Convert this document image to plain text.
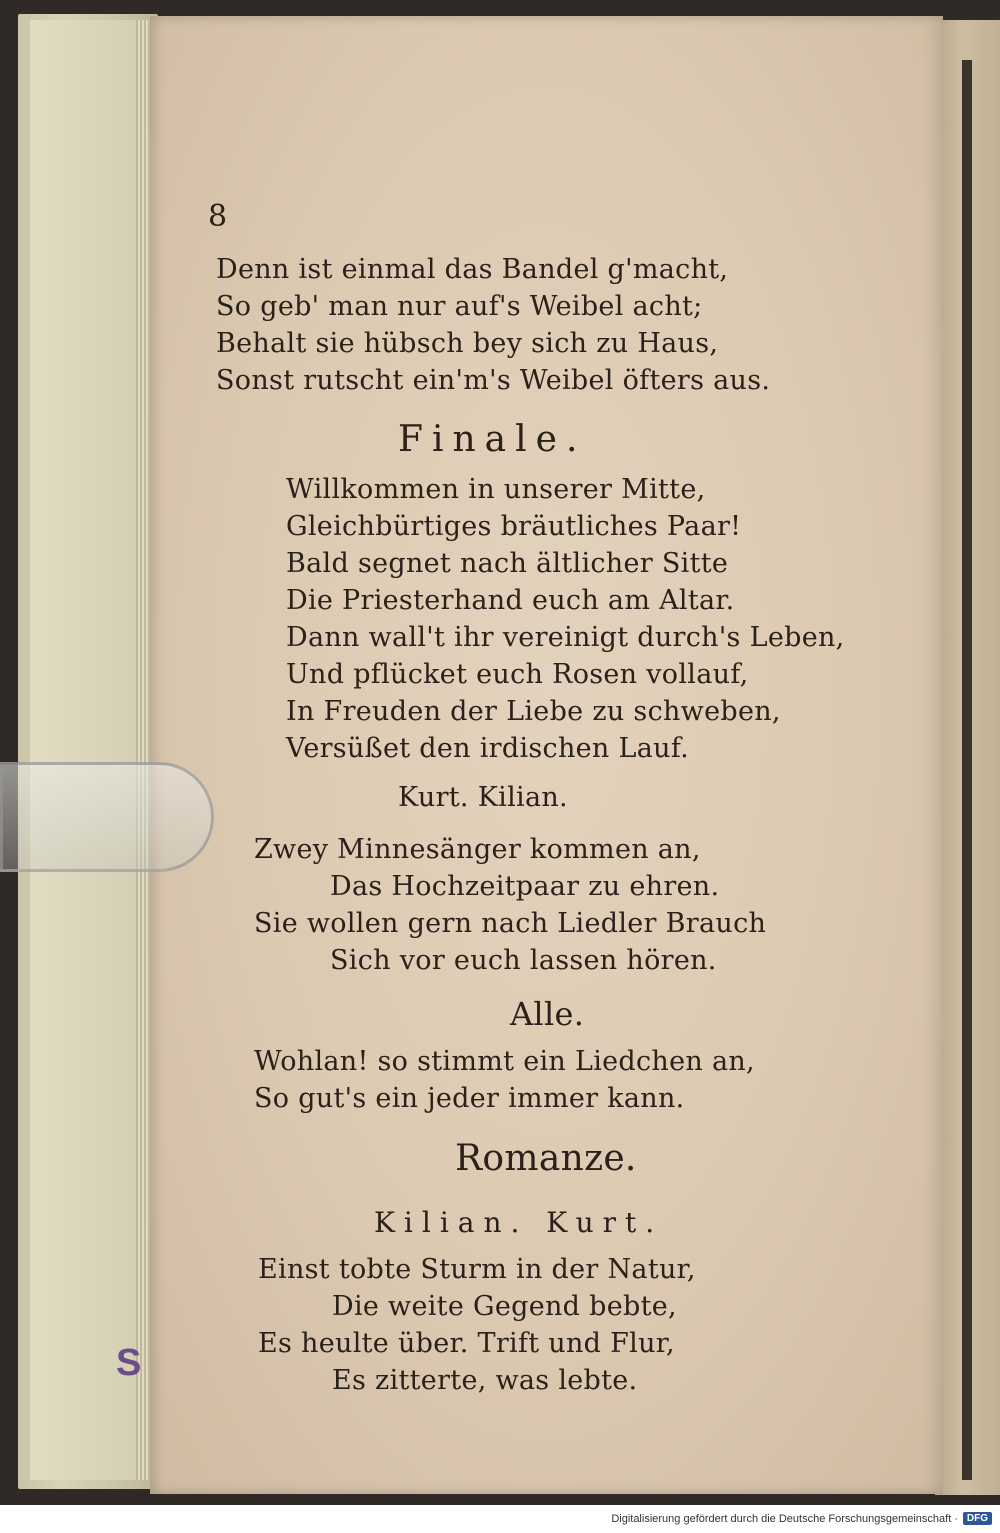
8
Denn ist einmal das Bandel g'macht,
So geb' man nur auf's Weibel acht;
Behalt sie hübsch bey sich zu Haus,
Sonst rutscht ein'm's Weibel öfters aus.
Finale.
Willkommen in unserer Mitte,
Gleichbürtiges bräutliches Paar!
Bald segnet nach ältlicher Sitte
Die Priesterhand euch am Altar.
Dann wall't ihr vereinigt durch's Leben,
Und pflücket euch Rosen vollauf,
In Freuden der Liebe zu schweben,
Versüßet den irdischen Lauf.
Kurt. Kilian.
Zwey Minnesänger kommen an,
Das Hochzeitpaar zu ehren.
Sie wollen gern nach Liedler Brauch
Sich vor euch lassen hören.
Alle.
Wohlan! so stimmt ein Liedchen an,
So gut's ein jeder immer kann.
Romanze.
Kilian. Kurt.
Einst tobte Sturm in der Natur,
Die weite Gegend bebte,
Es heulte über. Trift und Flur,
Es zitterte, was lebte.
S
Digitalisierung gefördert durch die Deutsche Forschungsgemeinschaft · DFG
